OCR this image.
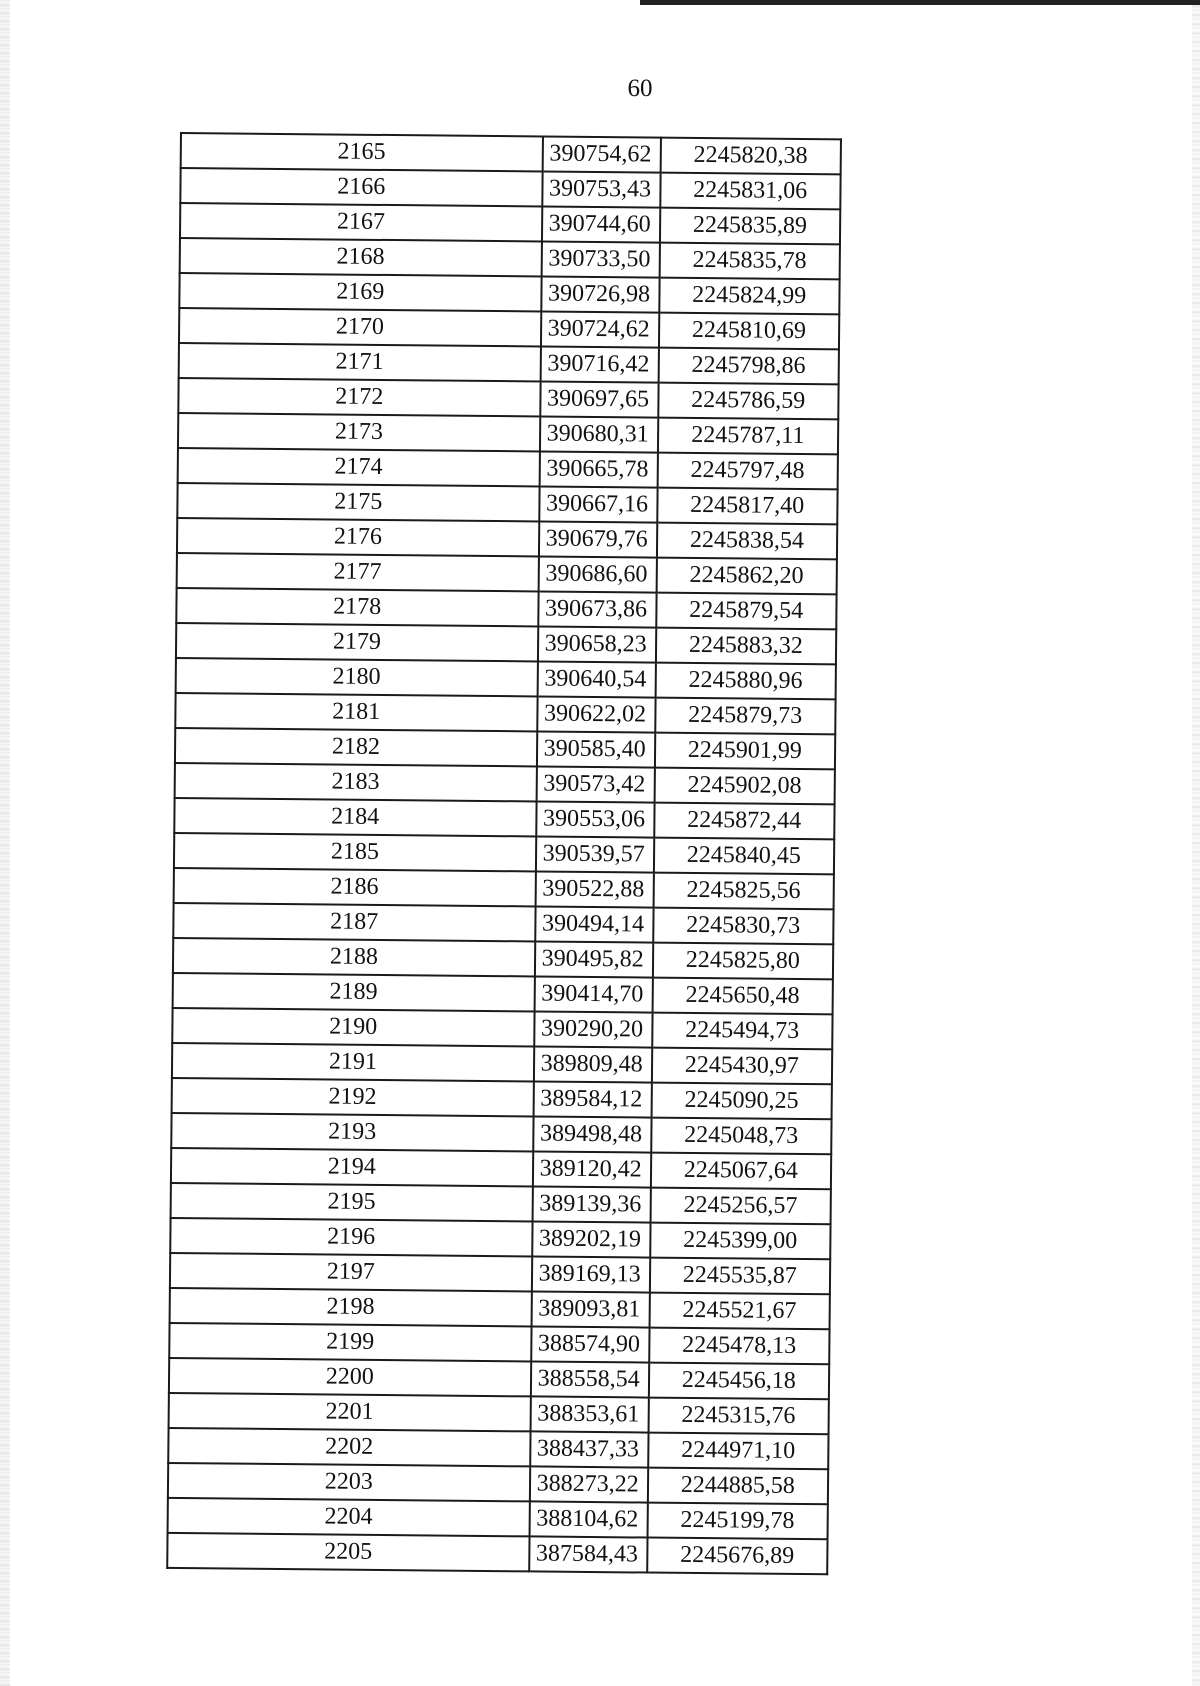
60
2165	390754,62	2245820,38
2166	390753,43	2245831,06
2167	390744,60	2245835,89
2168	390733,50	2245835,78
2169	390726,98	2245824,99
2170	390724,62	2245810,69
2171	390716,42	2245798,86
2172	390697,65	2245786,59
2173	390680,31	2245787,11
2174	390665,78	2245797,48
2175	390667,16	2245817,40
2176	390679,76	2245838,54
2177	390686,60	2245862,20
2178	390673,86	2245879,54
2179	390658,23	2245883,32
2180	390640,54	2245880,96
2181	390622,02	2245879,73
2182	390585,40	2245901,99
2183	390573,42	2245902,08
2184	390553,06	2245872,44
2185	390539,57	2245840,45
2186	390522,88	2245825,56
2187	390494,14	2245830,73
2188	390495,82	2245825,80
2189	390414,70	2245650,48
2190	390290,20	2245494,73
2191	389809,48	2245430,97
2192	389584,12	2245090,25
2193	389498,48	2245048,73
2194	389120,42	2245067,64
2195	389139,36	2245256,57
2196	389202,19	2245399,00
2197	389169,13	2245535,87
2198	389093,81	2245521,67
2199	388574,90	2245478,13
2200	388558,54	2245456,18
2201	388353,61	2245315,76
2202	388437,33	2244971,10
2203	388273,22	2244885,58
2204	388104,62	2245199,78
2205	387584,43	2245676,89
